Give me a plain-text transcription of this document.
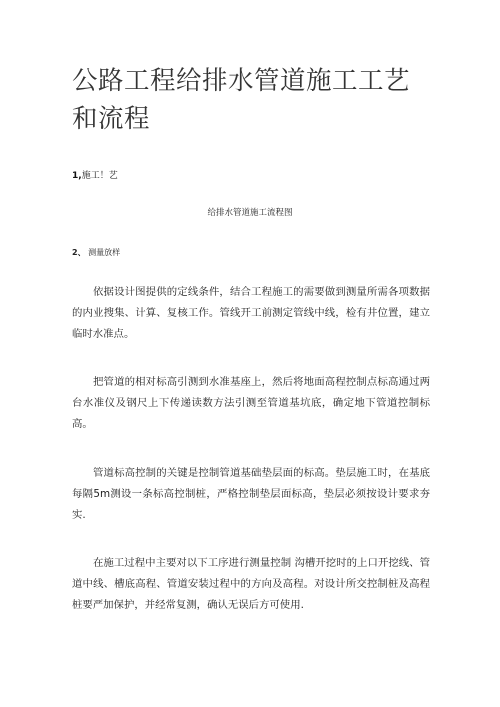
公路工程给排水管道施工工艺和流程

1,施工！艺

给排水管道施工流程图

2、 测量放样

依据设计图提供的定线条件，结合工程施工的需要做到测量所需各项数据的内业搜集、计算、复核工作。管线开工前测定管线中线，检有井位置，建立临时水准点。

把管道的相对标高引测到水准基座上，然后将地面高程控制点标高通过两台水准仪及钢尺上下传递读数方法引测至管道基坑底，确定地下管道控制标高。

管道标高控制的关键是控制管道基础垫层面的标高。垫层施工时，在基底每隔5m测设一条标高控制桩，严格控制垫层面标高，垫层必须按设计要求夯实.

在施工过程中主要对以下工序进行测量控制 沟槽开挖时的上口开挖线、管道中线、槽底高程、管道安装过程中的方向及高程。对设计所交控制桩及高程桩要严加保护，并经常复测，确认无误后方可使用.
